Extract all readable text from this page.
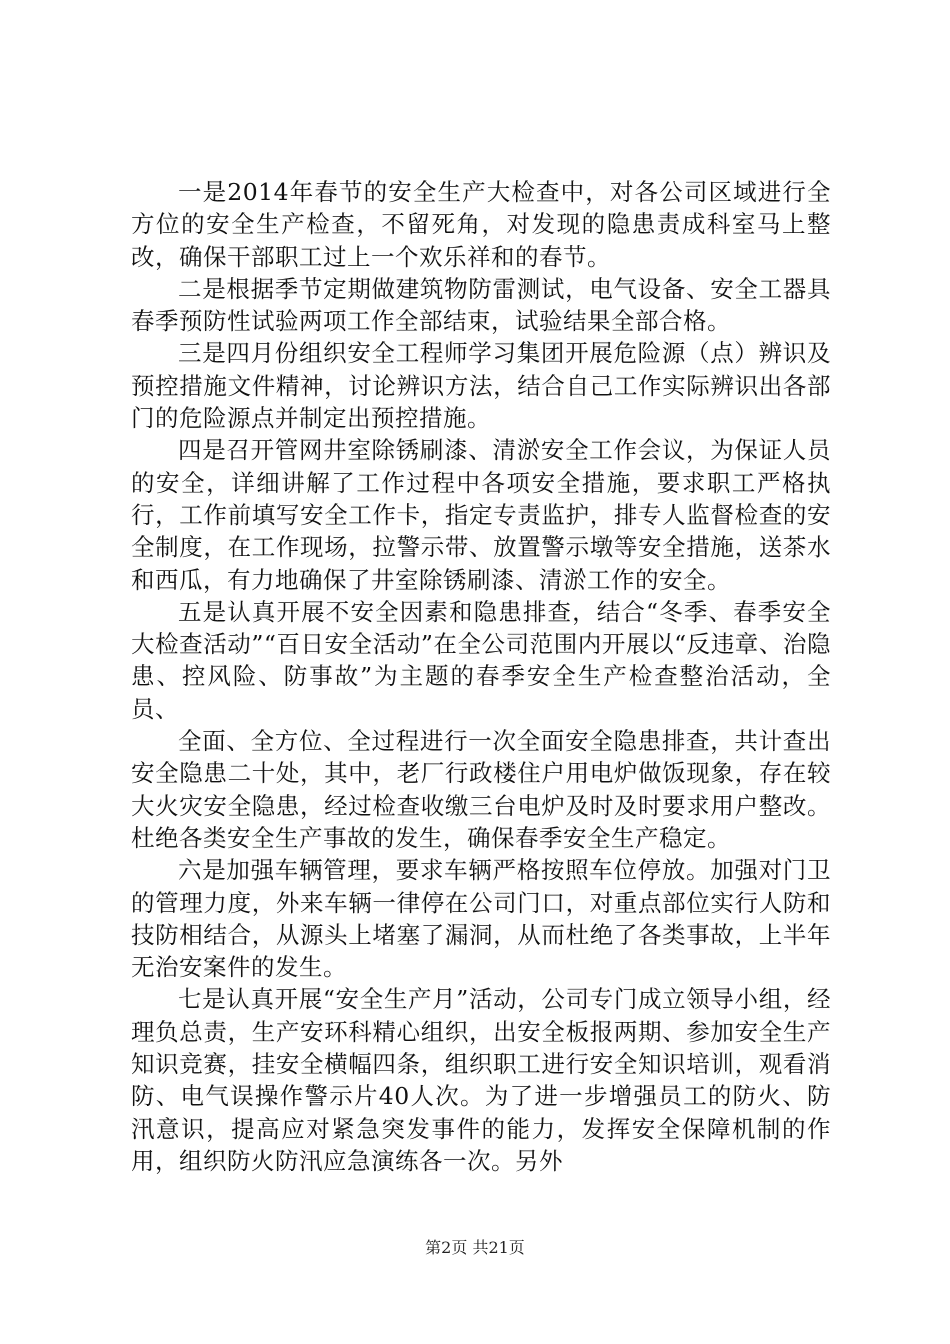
一是2014年春节的安全生产大检查中，对各公司区域进行全方位的安全生产检查，不留死角，对发现的隐患责成科室马上整改，确保干部职工过上一个欢乐祥和的春节。

二是根据季节定期做建筑物防雷测试，电气设备、安全工器具春季预防性试验两项工作全部结束，试验结果全部合格。

三是四月份组织安全工程师学习集团开展危险源（点）辨识及预控措施文件精神，讨论辨识方法，结合自己工作实际辨识出各部门的危险源点并制定出预控措施。

四是召开管网井室除锈刷漆、清淤安全工作会议，为保证人员的安全，详细讲解了工作过程中各项安全措施，要求职工严格执行，工作前填写安全工作卡，指定专责监护，排专人监督检查的安全制度，在工作现场，拉警示带、放置警示墩等安全措施，送茶水和西瓜，有力地确保了井室除锈刷漆、清淤工作的安全。

五是认真开展不安全因素和隐患排查，结合“冬季、春季安全大检查活动”“百日安全活动”在全公司范围内开展以“反违章、治隐患、控风险、防事故”为主题的春季安全生产检查整治活动，全员、

全面、全方位、全过程进行一次全面安全隐患排查，共计查出安全隐患二十处，其中，老厂行政楼住户用电炉做饭现象，存在较大火灾安全隐患，经过检查收缴三台电炉及时及时要求用户整改。杜绝各类安全生产事故的发生，确保春季安全生产稳定。

六是加强车辆管理，要求车辆严格按照车位停放。加强对门卫的管理力度，外来车辆一律停在公司门口，对重点部位实行人防和技防相结合，从源头上堵塞了漏洞，从而杜绝了各类事故，上半年无治安案件的发生。

七是认真开展“安全生产月”活动，公司专门成立领导小组，经理负总责，生产安环科精心组织，出安全板报两期、参加安全生产知识竞赛，挂安全横幅四条，组织职工进行安全知识培训，观看消防、电气误操作警示片40人次。为了进一步增强员工的防火、防汛意识，提高应对紧急突发事件的能力，发挥安全保障机制的作用，组织防火防汛应急演练各一次。另外

第2页 共21页
